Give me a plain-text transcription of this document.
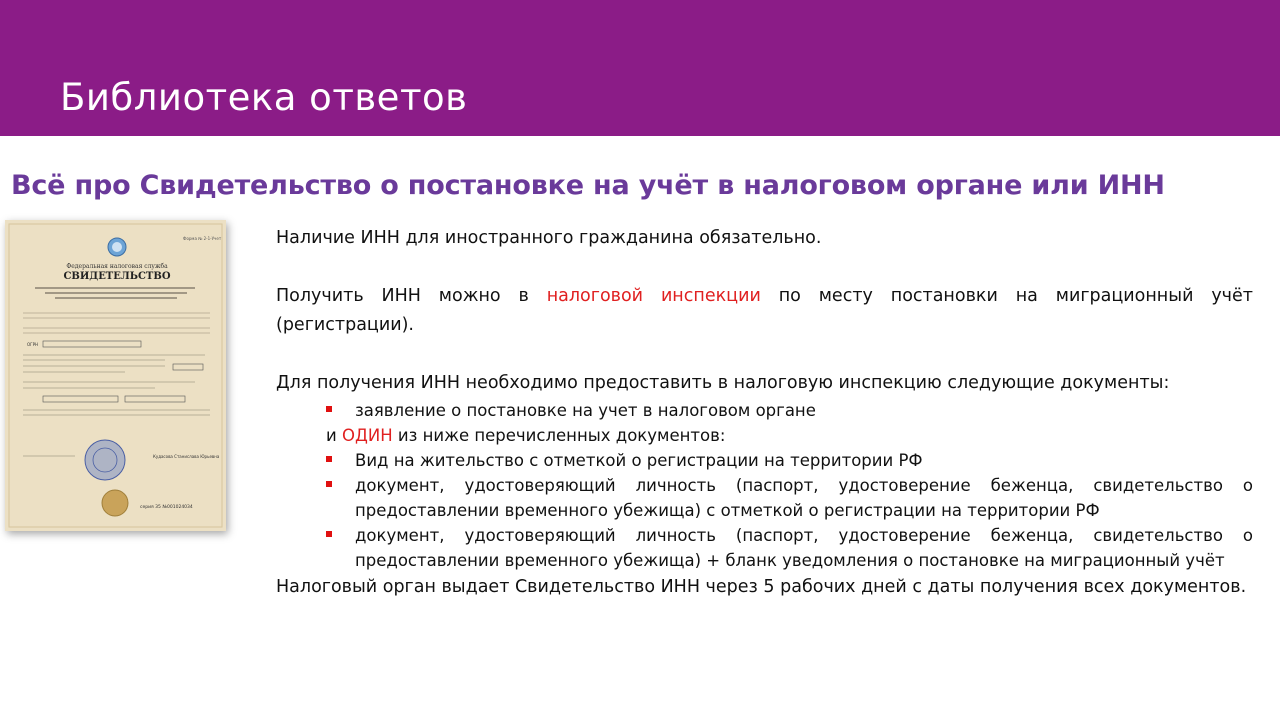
Библиотека ответов
Всё про Свидетельство о постановке на учёт в налоговом органе или ИНН
Форма № 2-1-Учет
Федеральная налоговая служба
СВИДЕТЕЛЬСТВО
ОГРН
Кудасова Станислава Юрьевна
серия 35 №001024034

Наличие ИНН для иностранного гражданина обязательно.

Получить ИНН можно в налоговой инспекции по месту постановки на миграционный учёт (регистрации).

Для получения ИНН необходимо предоставить в налоговую инспекцию следующие документы:

заявление о постановке на учет в налоговом органе

и ОДИН из ниже перечисленных документов:

Вид на жительство с отметкой о регистрации на территории РФ
документ, удостоверяющий личность (паспорт, удостоверение беженца, свидетельство о предоставлении временного убежища) с отметкой о регистрации на территории РФ
документ, удостоверяющий личность (паспорт, удостоверение беженца, свидетельство о предоставлении временного убежища) + бланк уведомления о постановке на миграционный учёт

Налоговый орган выдает Свидетельство ИНН через 5 рабочих дней с даты получения всех документов.
